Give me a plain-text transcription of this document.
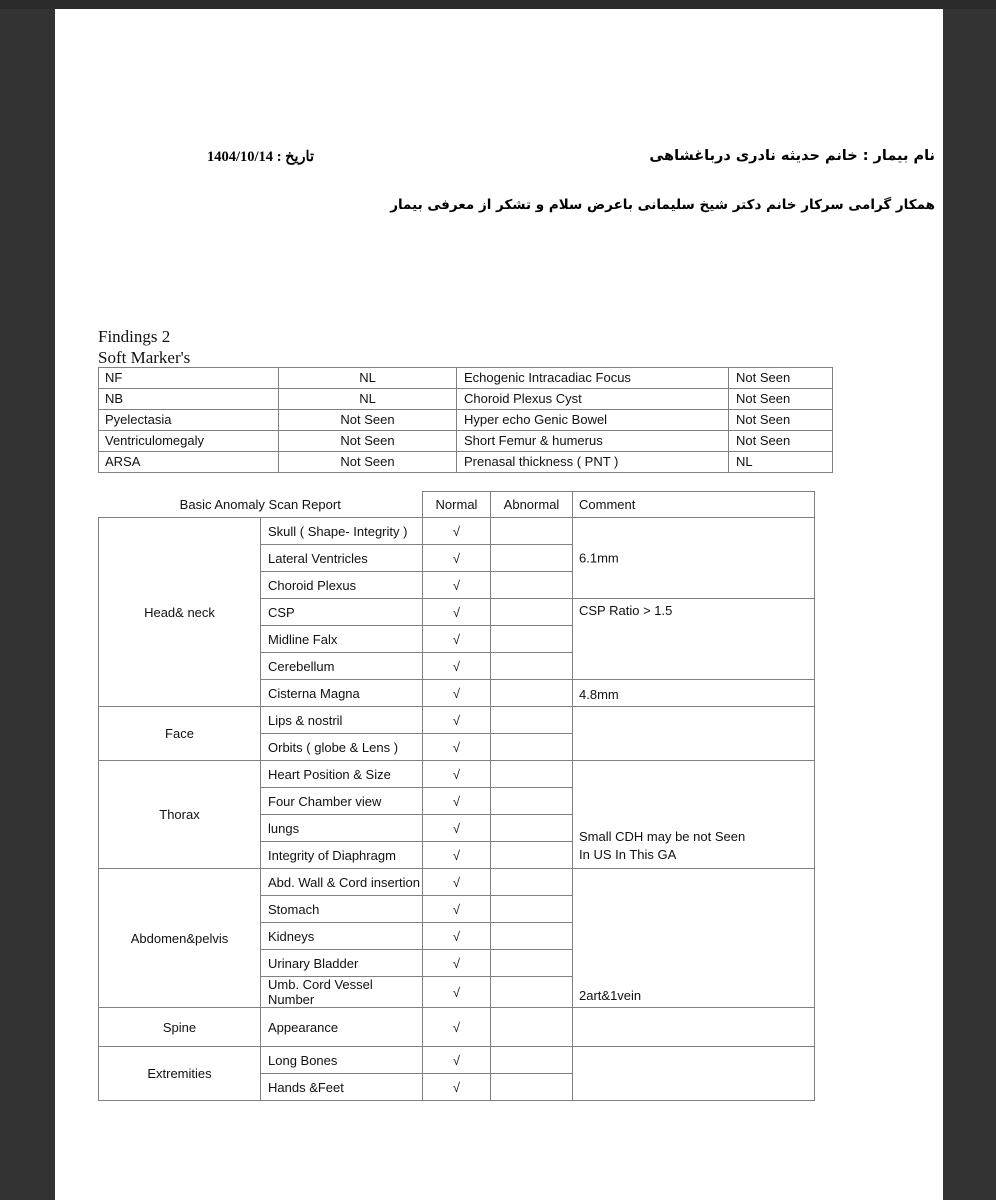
نام بیمار : خانم حدیثه نادری درباغشاهی
تاریخ : 1404/10/14
همکار گرامی سرکار خانم دکتر شیخ سلیمانی باعرض سلام و تشکر از معرفی بیمار
Findings 2
Soft Marker's
NF	NL	Echogenic Intracadiac Focus	Not Seen
NB	NL	Choroid Plexus Cyst	Not Seen
Pyelectasia	Not Seen	Hyper echo Genic Bowel	Not Seen
Ventriculomegaly	Not Seen	Short Femur & humerus	Not Seen
ARSA	Not Seen	Prenasal thickness ( PNT )	NL
Basic Anomaly Scan Report		Normal	Abnormal	Comment
Head& neck	Skull ( Shape- Integrity )	√		6.1mm

	Lateral Ventricles	√		
	Choroid Plexus	√		
	CSP	√		CSP Ratio > 1.5

	Midline Falx	√		
	Cerebellum	√		
	Cisterna Magna	√		4.8mm

Face	Lips & nostril	√		
	Orbits ( globe & Lens )	√		
Thorax	Heart Position & Size	√		Small CDH may be not Seen
In US In This GA

	Four Chamber view	√		
	lungs	√		
	Integrity of Diaphragm	√		
Abdomen&pelvis	Abd. Wall & Cord insertion	√		2art&1vein

	Stomach	√		
	Kidneys	√		
	Urinary Bladder	√		
	Umb. Cord Vessel Number	√		
Spine	Appearance	√		
Extremities	Long Bones	√		
	Hands &Feet	√		
